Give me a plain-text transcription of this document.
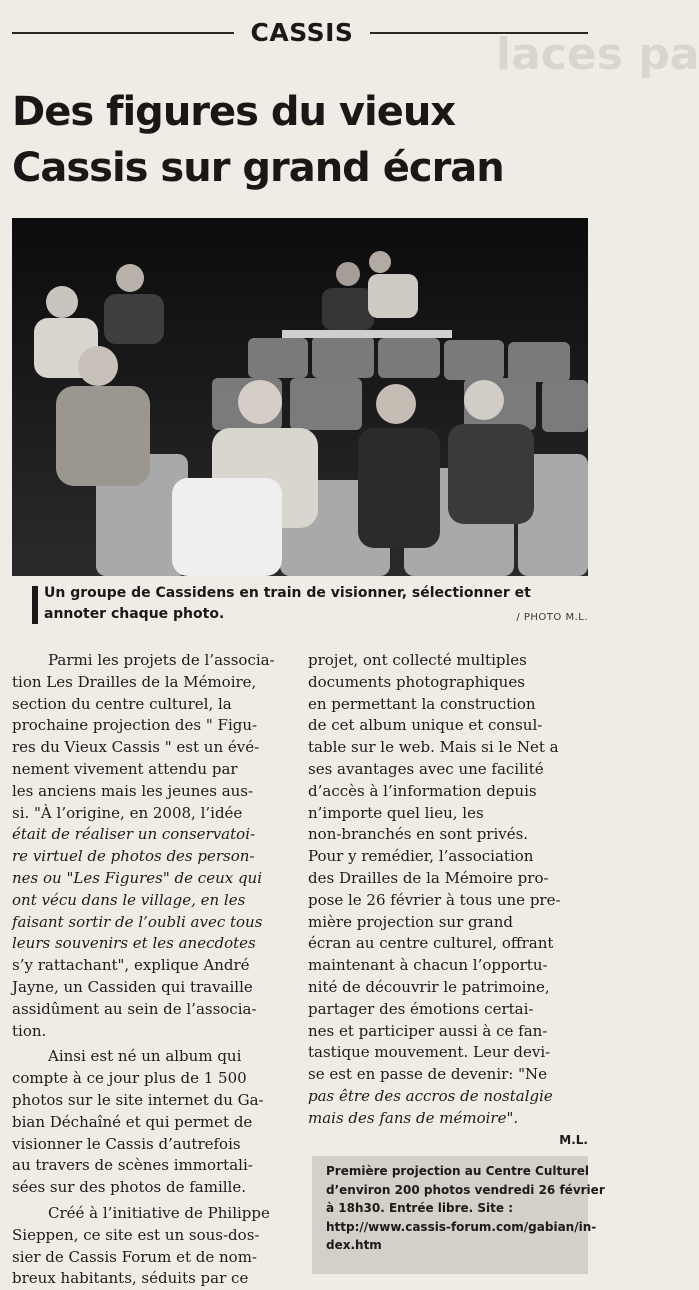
CASSIS	laces pa
Des figures du vieux
Cassis sur grand écran
Un groupe de Cassidens en train de visionner, sélectionner et
annoter chaque photo.	/ PHOTO M.L.
Parmi les projets de l’associa-
tion Les Drailles de la Mémoire,
section du centre culturel, la
prochaine projection des " Figu-
res du Vieux Cassis " est un évé-
nement vivement attendu par
les anciens mais les jeunes aus-
si. "À l’origine, en 2008, l’idée
était de réaliser un conservatoi-
re virtuel de photos des person-
nes ou "Les Figures" de ceux qui
ont vécu dans le village, en les
faisant sortir de l’oubli avec tous
leurs souvenirs et les anecdotes
s’y rattachant", explique André
Jayne, un Cassiden qui travaille
assidûment au sein de l’associa-
tion.
Ainsi est né un album qui
compte à ce jour plus de 1 500
photos sur le site internet du Ga-
bian Déchaîné et qui permet de
visionner le Cassis d’autrefois
au travers de scènes immortali-
sées sur des photos de famille.
Créé à l’initiative de Philippe
Sieppen, ce site est un sous-dos-
sier de Cassis Forum et de nom-
breux habitants, séduits par ce
projet, ont collecté multiples
documents photographiques
en permettant la construction
de cet album unique et consul-
table sur le web. Mais si le Net a
ses avantages avec une facilité
d’accès à l’information depuis
n’importe quel lieu, les
non-branchés en sont privés.
Pour y remédier, l’association
des Drailles de la Mémoire pro-
pose le 26 février à tous une pre-
mière projection sur grand
écran au centre culturel, offrant
maintenant à chacun l’opportu-
nité de découvrir le patrimoine,
partager des émotions certai-
nes et participer aussi à ce fan-
tastique mouvement. Leur devi-
se est en passe de devenir: "Ne
pas être des accros de nostalgie
mais des fans de mémoire".
M.L.
Première projection au Centre Culturel
d’environ 200 photos vendredi 26 février
à 18h30. Entrée libre. Site :
http://www.cassis-forum.com/gabian/in-
dex.htm
